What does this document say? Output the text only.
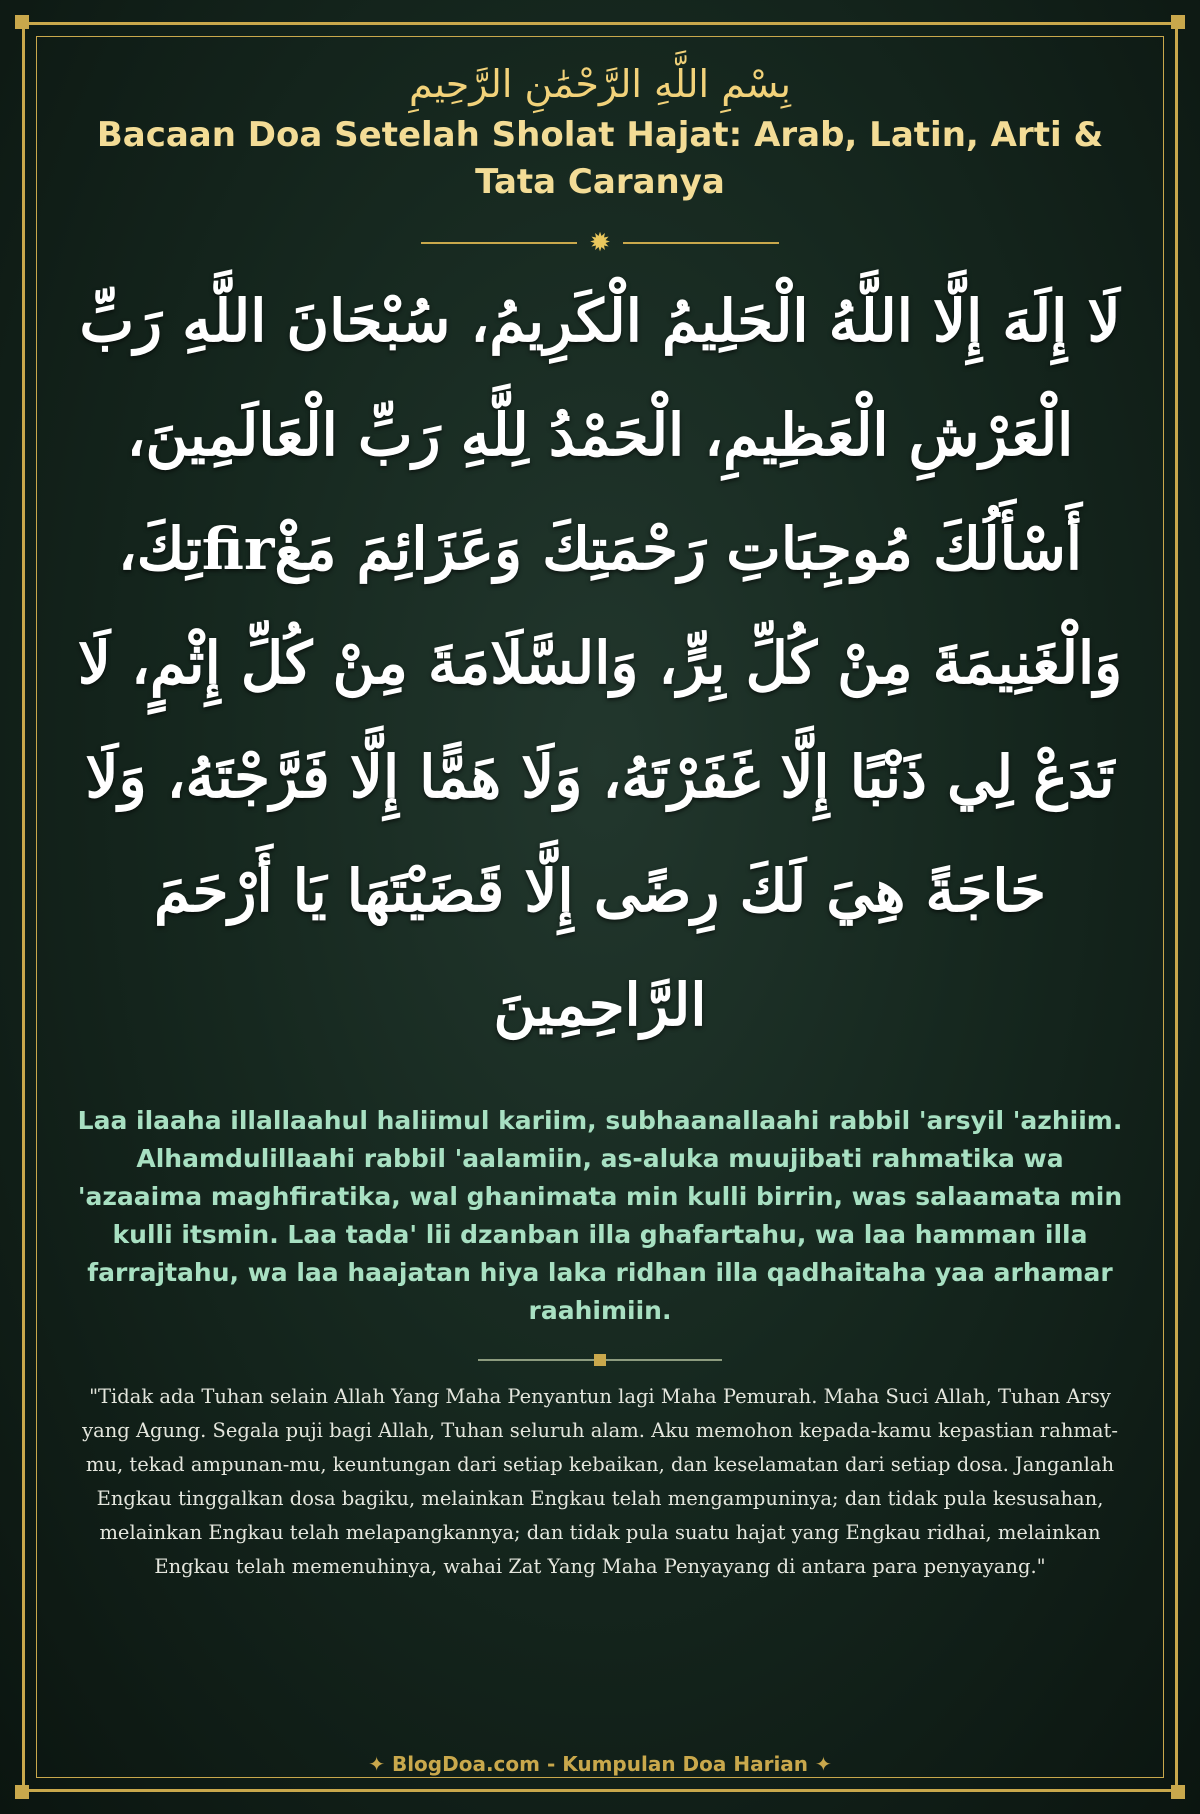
بِسْمِ اللَّهِ الرَّحْمَٰنِ الرَّحِيمِ
Bacaan Doa Setelah Sholat Hajat: Arab, Latin, Arti & Tata Caranya
✹
لَا إِلَهَ إِلَّا اللَّهُ الْحَلِيمُ الْكَرِيمُ، سُبْحَانَ اللَّهِ رَبِّ الْعَرْشِ الْعَظِيمِ، الْحَمْدُ لِلَّهِ رَبِّ الْعَالَمِينَ، أَسْأَلُكَ مُوجِبَاتِ رَحْمَتِكَ وَعَزَائِمَ مَغْfirتِكَ، وَالْغَنِيمَةَ مِنْ كُلِّ بِرٍّ، وَالسَّلَامَةَ مِنْ كُلِّ إِثْمٍ، لَا تَدَعْ لِي ذَنْبًا إِلَّا غَفَرْتَهُ، وَلَا هَمًّا إِلَّا فَرَّجْتَهُ، وَلَا حَاجَةً هِيَ لَكَ رِضًى إِلَّا قَضَيْتَهَا يَا أَرْحَمَ الرَّاحِمِينَ
Laa ilaaha illallaahul haliimul kariim, subhaanallaahi rabbil 'arsyil 'azhiim. Alhamdulillaahi rabbil 'aalamiin, as-aluka muujibati rahmatika wa 'azaaima maghfiratika, wal ghanimata min kulli birrin, was salaamata min kulli itsmin. Laa tada' lii dzanban illa ghafartahu, wa laa hamman illa farrajtahu, wa laa haajatan hiya laka ridhan illa qadhaitaha yaa arhamar raahimiin.
"Tidak ada Tuhan selain Allah Yang Maha Penyantun lagi Maha Pemurah. Maha Suci Allah, Tuhan Arsy yang Agung. Segala puji bagi Allah, Tuhan seluruh alam. Aku memohon kepada-kamu kepastian rahmat-mu, tekad ampunan-mu, keuntungan dari setiap kebaikan, dan keselamatan dari setiap dosa. Janganlah Engkau tinggalkan dosa bagiku, melainkan Engkau telah mengampuninya; dan tidak pula kesusahan, melainkan Engkau telah melapangkannya; dan tidak pula suatu hajat yang Engkau ridhai, melainkan Engkau telah memenuhinya, wahai Zat Yang Maha Penyayang di antara para penyayang."
✦ BlogDoa.com - Kumpulan Doa Harian ✦
